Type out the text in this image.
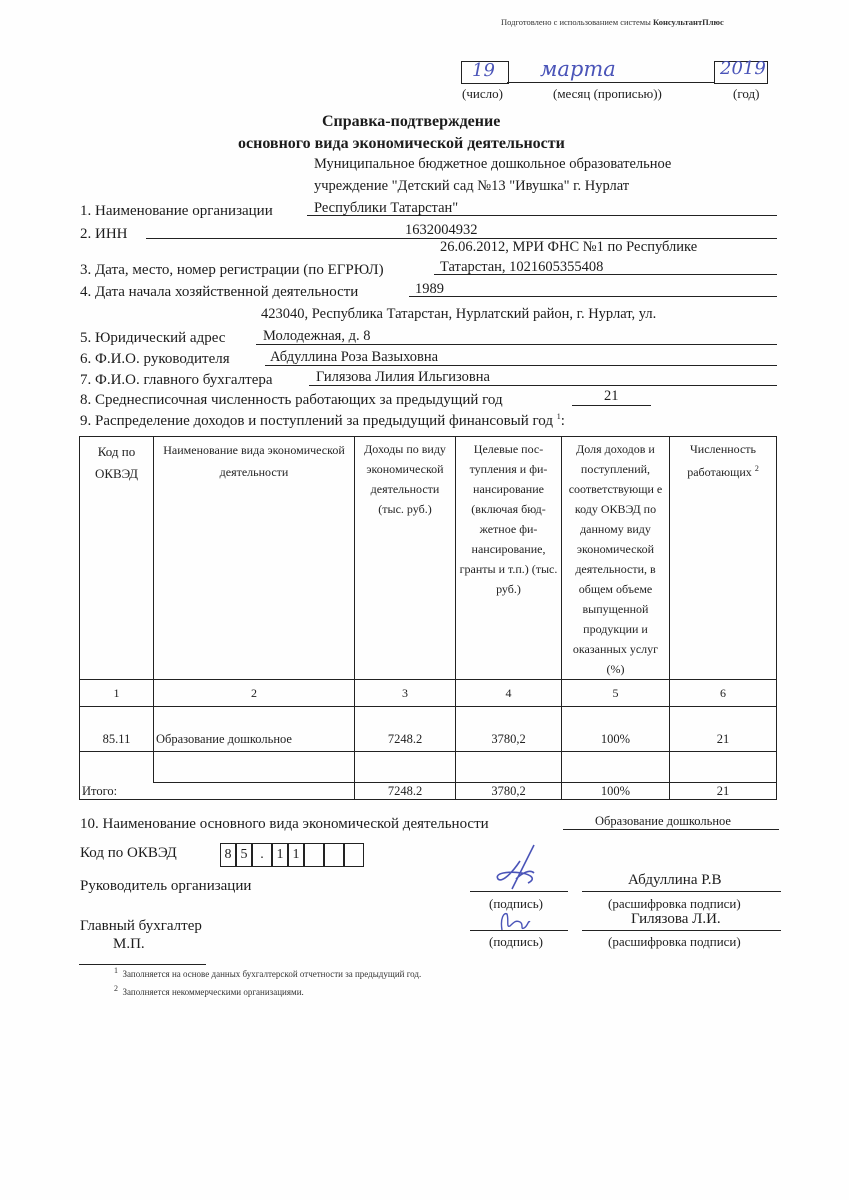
Подготовлено с использованием системы КонсультантПлюс
19 марта	2019
(число)	(месяц (прописью))	(год)
Справка-подтверждение
основного вида экономической деятельности
Муниципальное бюджетное дошкольное образовательное
учреждение "Детский сад №13 "Ивушка" г. Нурлат
1. Наименование организации	Республики Татарстан"
2. ИНН	1632004932
26.06.2012, МРИ ФНС №1 по Республике
3. Дата, место, номер регистрации (по ЕГРЮЛ)	Татарстан, 1021605355408
4. Дата начала хозяйственной деятельности	1989
423040, Республика Татарстан, Нурлатский район, г. Нурлат, ул.
5. Юридический адрес	Молодежная, д. 8
6. Ф.И.О. руководителя	Абдуллина Роза Вазыховна
7. Ф.И.О. главного бухгалтера	Гилязова Лилия Ильгизовна
8. Среднесписочная численность работающих за предыдущий год	21
9. Распределение доходов и поступлений за предыдущий финансовый год $^1$:
Код по ОКВЭД	Наименование вида экономической деятельности	Доходы по виду экономической деятельности (тыс. руб.)	Целевые пос-тупления и фи-нансирование (включая бюд-жетное фи-нансирование, гранты и т.п.) (тыс. руб.)	Доля доходов и поступлений, соответствующи е коду ОКВЭД по данному виду экономической деятельности, в общем объеме выпущенной продукции и оказанных услуг (%)	Численность работающих $^2$
1	2	3	4	5	6
85.11	Образование дошкольное	7248.2	3780,2	100%	21

Итого:		7248.2	3780,2	100%	21
10. Наименование основного вида экономической деятельности	Образование дошкольное
Код по ОКВЭД	8 5 . 1 1
Руководитель организации	Абдуллина Р.В
(подпись)	(расшифровка подписи)
Главный бухгалтер
М.П.
Гилязова Л.И.
(подпись)	(расшифровка подписи)
$^1$ Заполняется на основе данных бухгалтерской отчетности за предыдущий год.
$^2$ Заполняется некоммерческими организациями.
